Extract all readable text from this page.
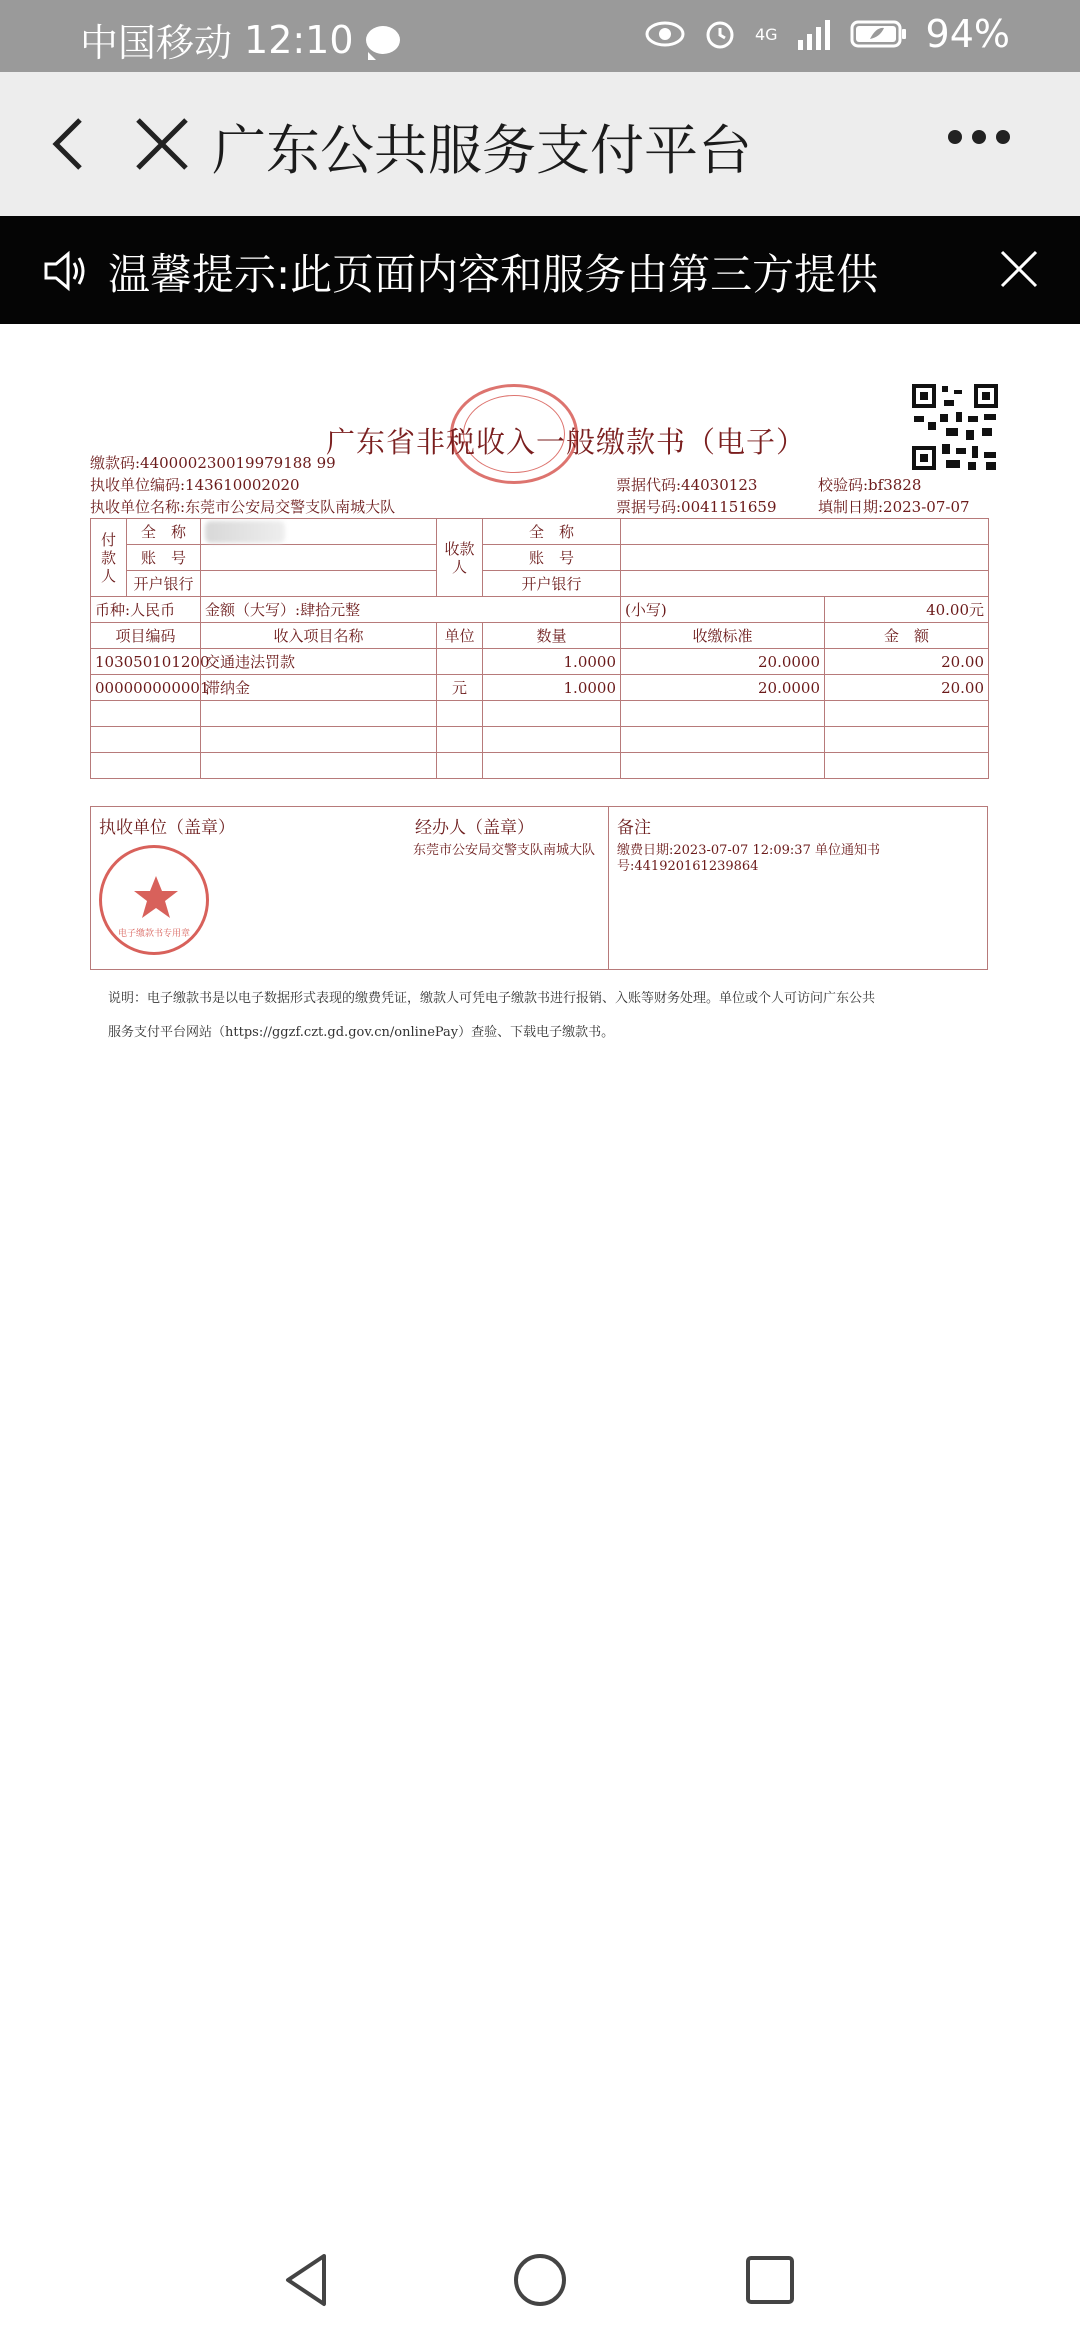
中国移动 12:10	4G	94%
广东公共服务支付平台
温馨提示:此页面内容和服务由第三方提供
广东省非税收入一般缴款书（电子）
缴款码:440000230019979188 99
执收单位编码:143610002020
执收单位名称:东莞市公安局交警支队南城大队
票据代码:44030123
票据号码:0041151659
校验码:bf3828
填制日期:2023-07-07
付款人	全　称		收款人	全　称		
	账　号			账　号		
	开户银行			开户银行		
币种:人民币		金额（大写）:肆拾元整			(小写)	40.00元
项目编码		收入项目名称	单位	数量	收缴标准	金　额
103050101200		交通违法罚款		1.0000	20.0000	20.00
000000000001		滞纳金	元	1.0000	20.0000	20.00

执收单位（盖章）
电子缴款书专用章
经办人（盖章）
东莞市公安局交警支队南城大队
备注
缴费日期:2023-07-07 12:09:37 单位通知书号:441920161239864
说明：电子缴款书是以电子数据形式表现的缴费凭证，缴款人可凭电子缴款书进行报销、入账等财务处理。单位或个人可访问广东公共
服务支付平台网站（https://ggzf.czt.gd.gov.cn/onlinePay）查验、下载电子缴款书。
